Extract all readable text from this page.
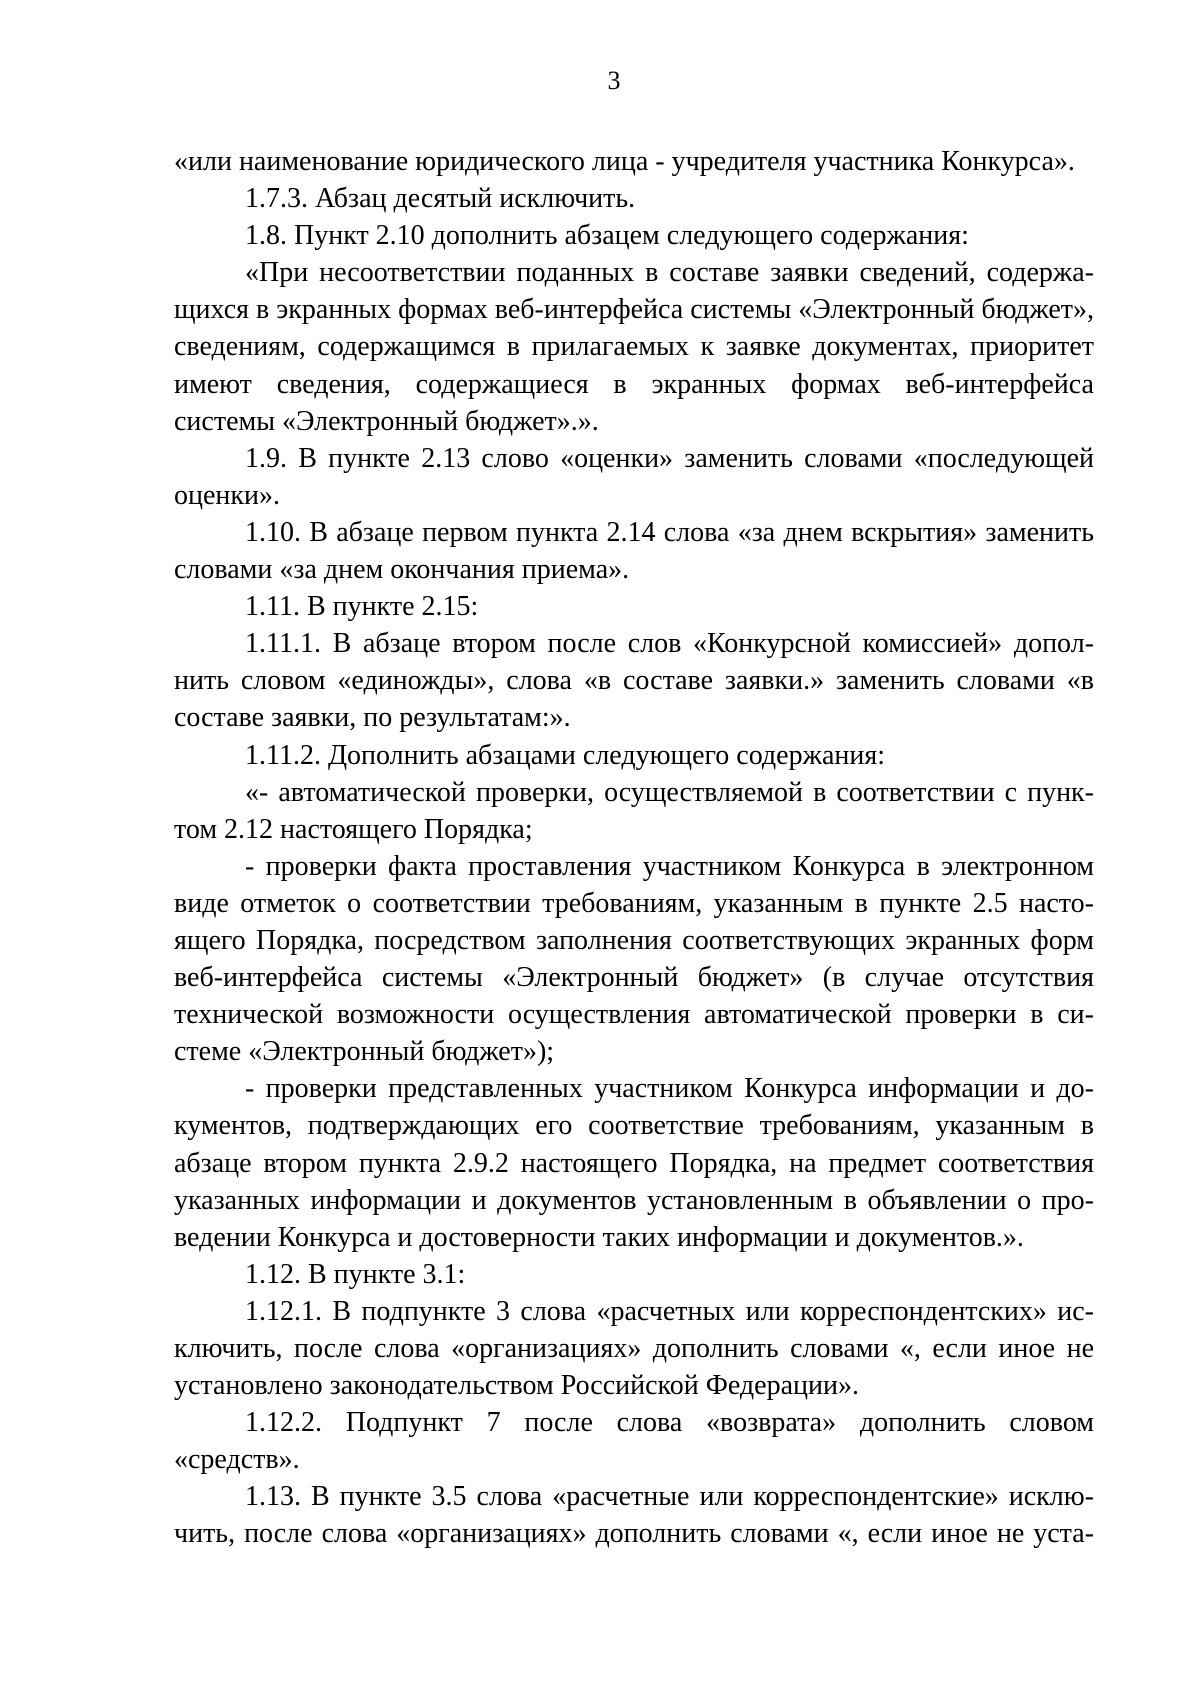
3

«или наименование юридического лица - учредителя участника Конкурса».

1.7.3. Абзац десятый исключить.

1.8. Пункт 2.10 дополнить абзацем следующего содержания:

«При несоответствии поданных в составе заявки сведений, содержащихся в экранных формах веб-интерфейса системы «Электронный бюджет», сведениям, содержащимся в прилагаемых к заявке документах, приоритет имеют сведения, содержащиеся в экранных формах веб-интерфейса системы «Электронный бюджет».».

1.9. В пункте 2.13 слово «оценки» заменить словами «последующей оценки».

1.10. В абзаце первом пункта 2.14 слова «за днем вскрытия» заменить словами «за днем окончания приема».

1.11. В пункте 2.15:

1.11.1. В абзаце втором после слов «Конкурсной комиссией» дополнить словом «единожды», слова «в составе заявки.» заменить словами «в составе заявки, по результатам:».

1.11.2. Дополнить абзацами следующего содержания:

«- автоматической проверки, осуществляемой в соответствии с пунктом 2.12 настоящего Порядка;

- проверки факта проставления участником Конкурса в электронном виде отметок о соответствии требованиям, указанным в пункте 2.5 настоящего Порядка, посредством заполнения соответствующих экранных форм веб-интерфейса системы «Электронный бюджет» (в случае отсутствия технической возможности осуществления автоматической проверки в системе «Электронный бюджет»);

- проверки представленных участником Конкурса информации и документов, подтверждающих его соответствие требованиям, указанным в абзаце втором пункта 2.9.2 настоящего Порядка, на предмет соответствия указанных информации и документов установленным в объявлении о проведении Конкурса и достоверности таких информации и документов.».

1.12. В пункте 3.1:

1.12.1. В подпункте 3 слова «расчетных или корреспондентских» исключить, после слова «организациях» дополнить словами «, если иное не установлено законодательством Российской Федерации».

1.12.2. Подпункт 7 после слова «возврата» дополнить словом «средств».

1.13. В пункте 3.5 слова «расчетные или корреспондентские» исключить, после слова «организациях» дополнить словами «, если иное не уста-
